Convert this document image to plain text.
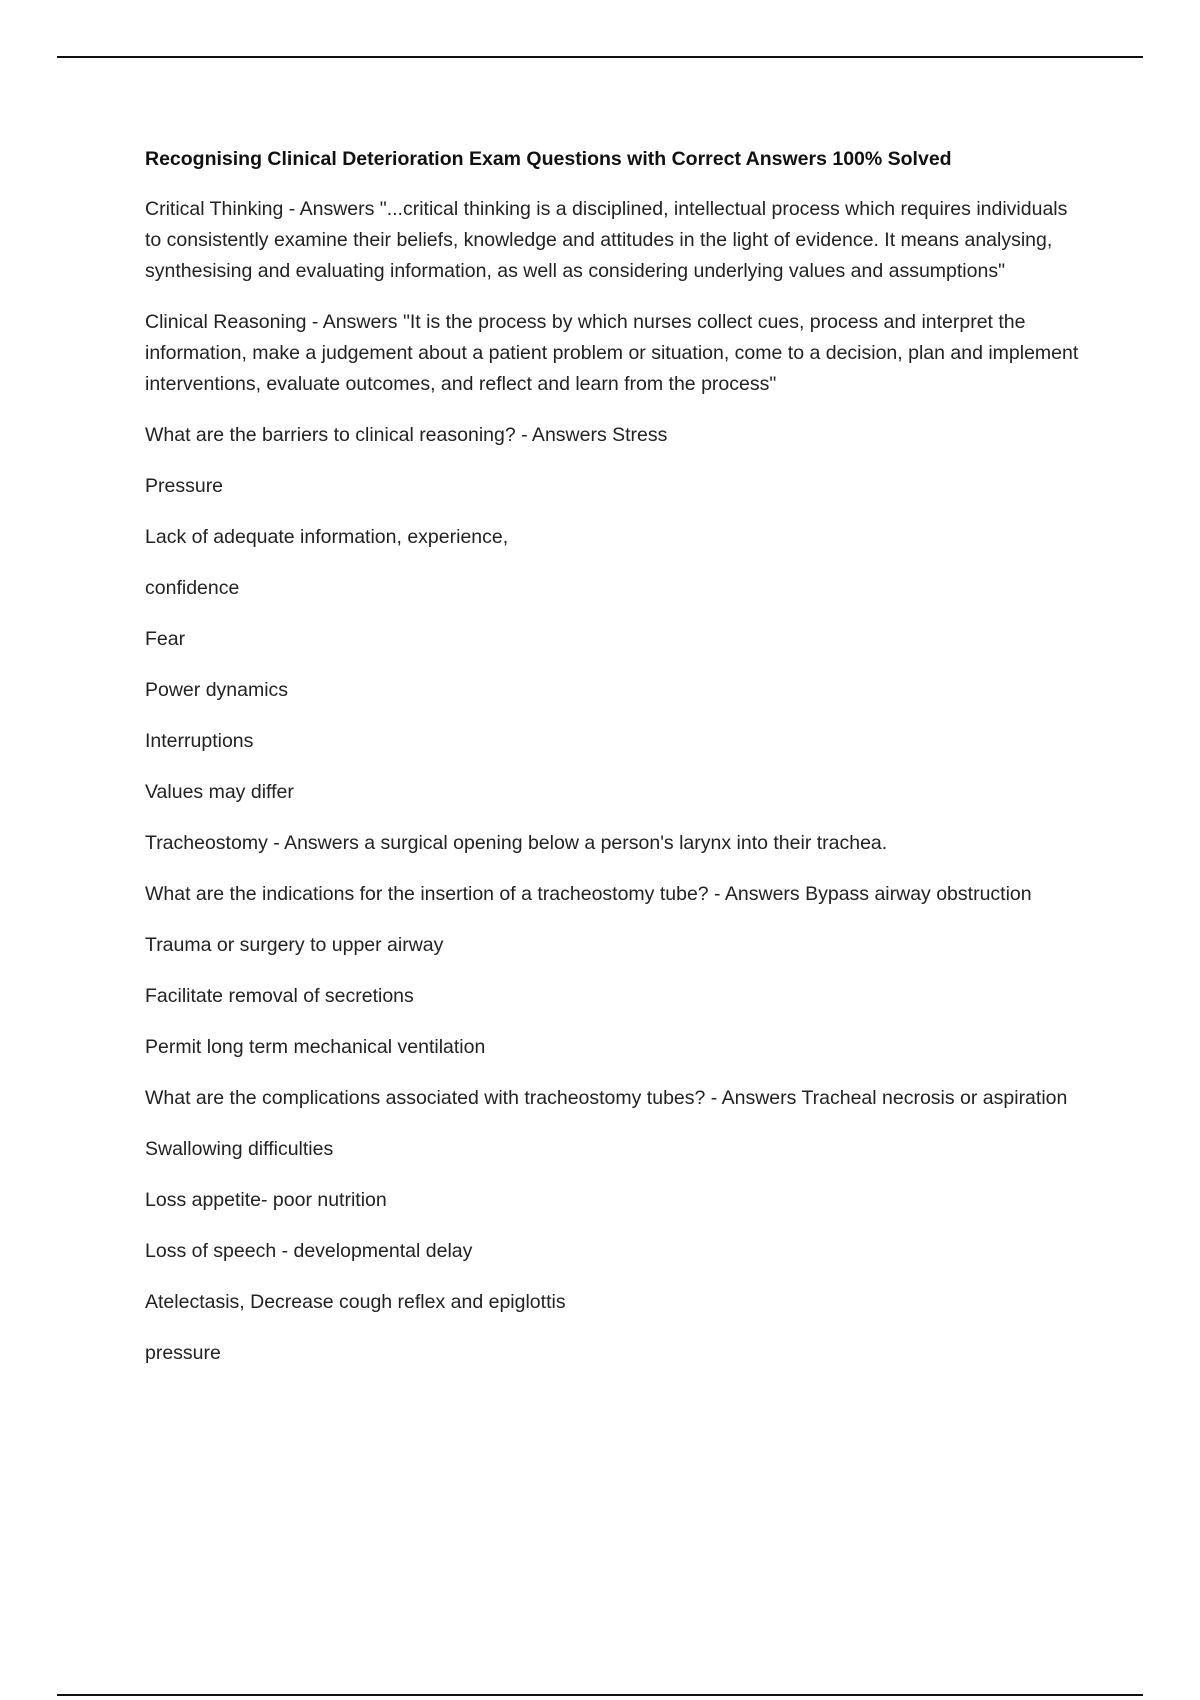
Recognising Clinical Deterioration Exam Questions with Correct Answers 100% Solved

Critical Thinking - Answers "...critical thinking is a disciplined, intellectual process which requires individuals to consistently examine their beliefs, knowledge and attitudes in the light of evidence. It means analysing, synthesising and evaluating information, as well as considering underlying values and assumptions"

Clinical Reasoning - Answers "It is the process by which nurses collect cues, process and interpret the information, make a judgement about a patient problem or situation, come to a decision, plan and implement interventions, evaluate outcomes, and reflect and learn from the process"

What are the barriers to clinical reasoning? - Answers Stress

Pressure

Lack of adequate information, experience,

confidence

Fear

Power dynamics

Interruptions

Values may differ

Tracheostomy - Answers a surgical opening below a person's larynx into their trachea.

What are the indications for the insertion of a tracheostomy tube? - Answers Bypass airway obstruction

Trauma or surgery to upper airway

Facilitate removal of secretions

Permit long term mechanical ventilation

What are the complications associated with tracheostomy tubes? - Answers Tracheal necrosis or aspiration

Swallowing difficulties

Loss appetite- poor nutrition

Loss of speech - developmental delay

Atelectasis, Decrease cough reflex and epiglottis

pressure
